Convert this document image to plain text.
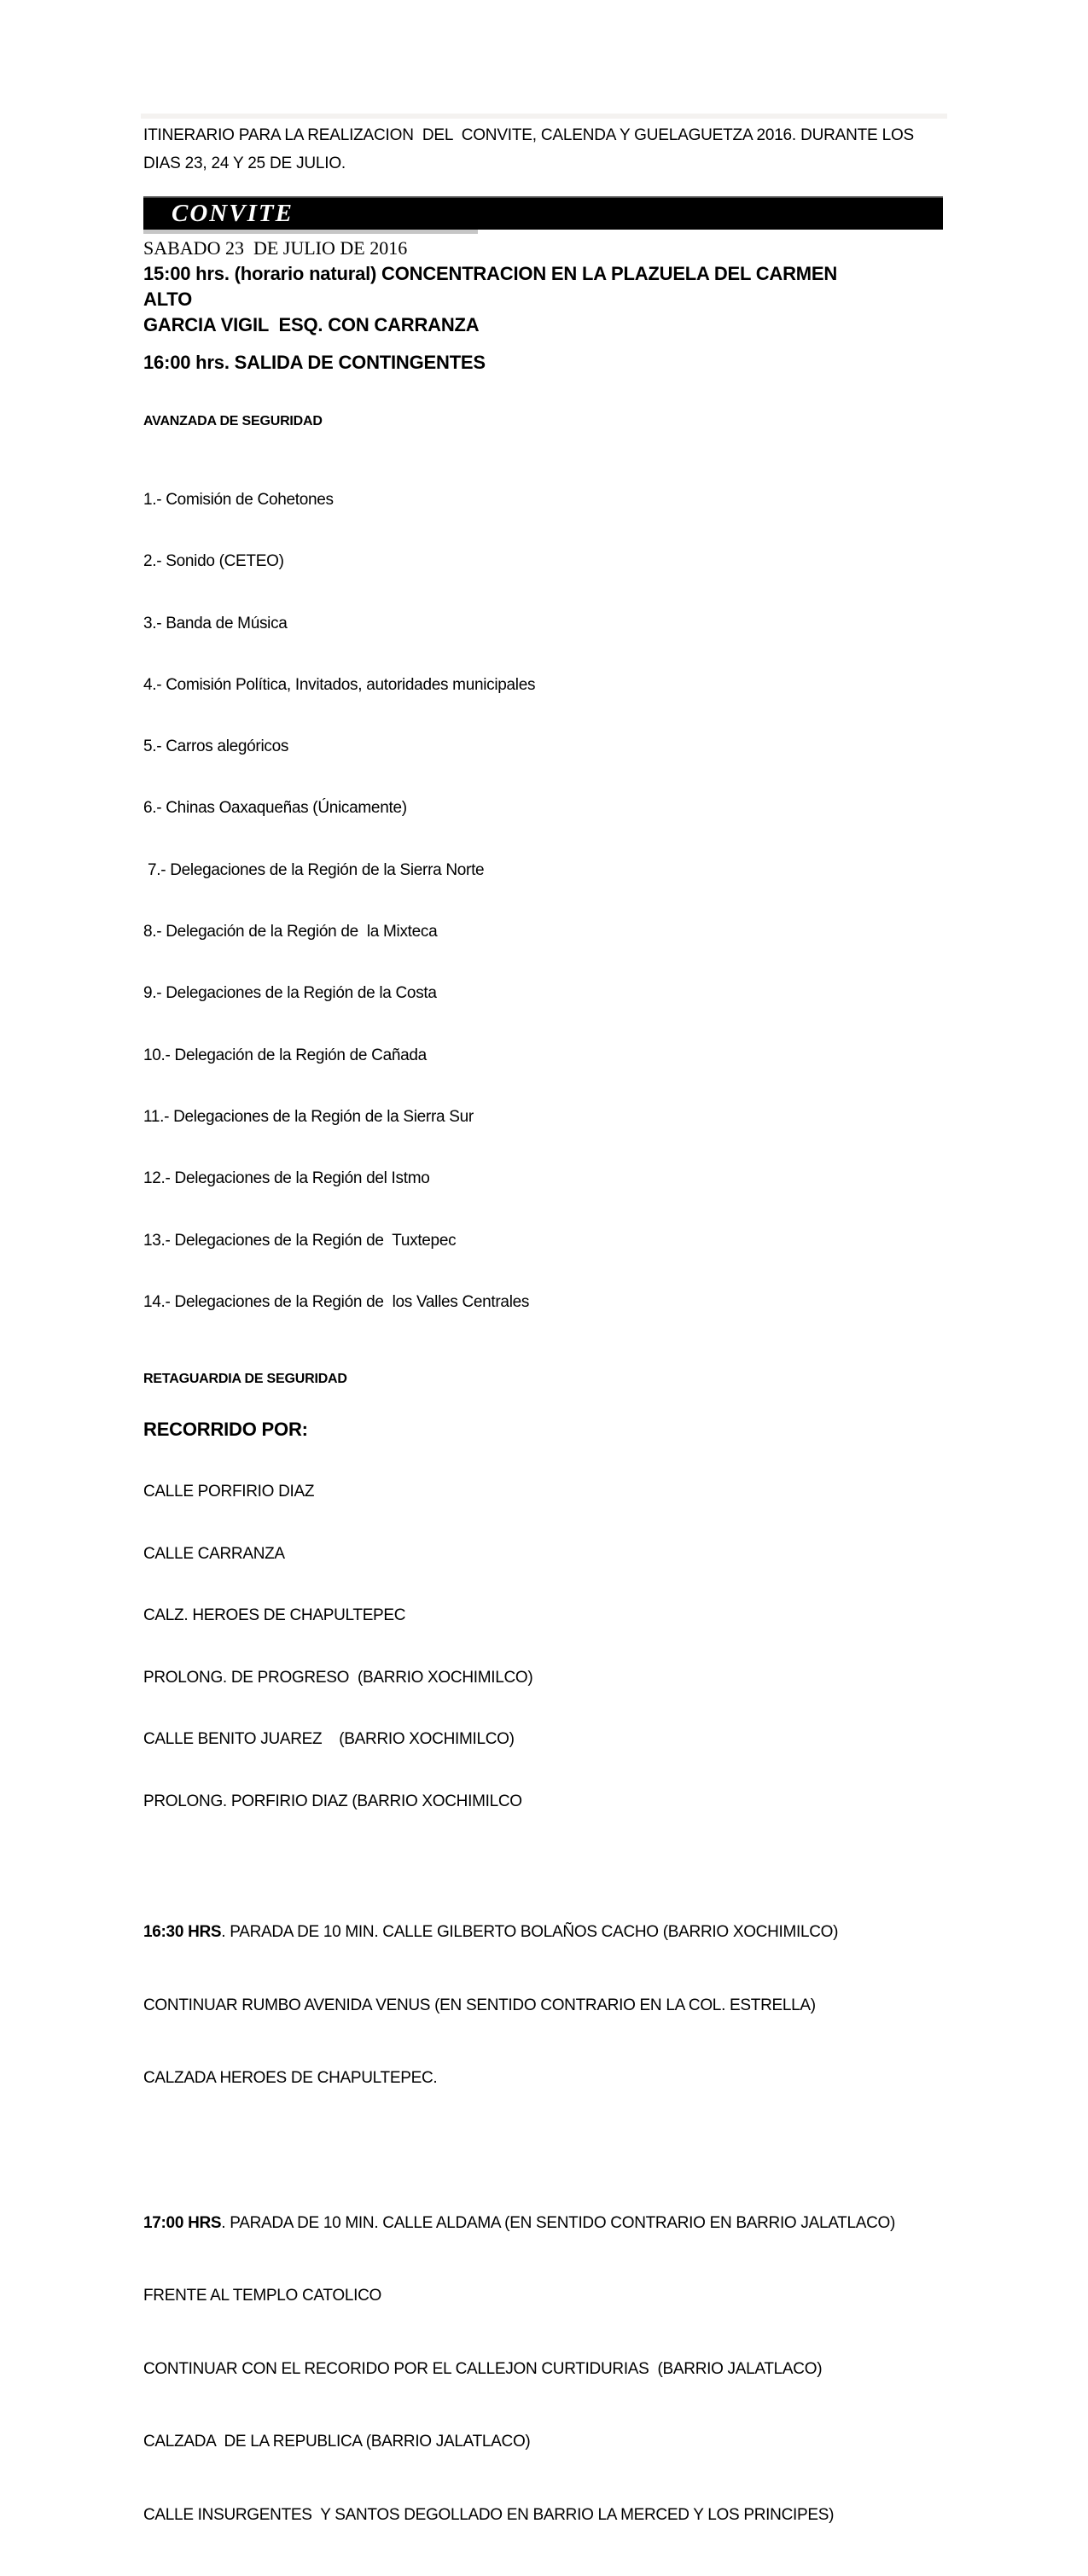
ITINERARIO PARA LA REALIZACION  DEL  CONVITE, CALENDA Y GUELAGUETZA 2016. DURANTE LOS DIAS 23, 24 Y 25 DE JULIO.

CONVITE

SABADO 23  DE JULIO DE 2016

15:00 hrs. (horario natural) CONCENTRACION EN LA PLAZUELA DEL CARMEN ALTO

GARCIA VIGIL  ESQ. CON CARRANZA

16:00 hrs. SALIDA DE CONTINGENTES

AVANZADA DE SEGURIDAD

1.- Comisión de Cohetones

2.- Sonido (CETEO)

3.- Banda de Música

4.- Comisión Política, Invitados, autoridades municipales

5.- Carros alegóricos

6.- Chinas Oaxaqueñas (Únicamente)

7.- Delegaciones de la Región de la Sierra Norte

8.- Delegación de la Región de  la Mixteca

9.- Delegaciones de la Región de la Costa

10.- Delegación de la Región de Cañada

11.- Delegaciones de la Región de la Sierra Sur

12.- Delegaciones de la Región del Istmo

13.- Delegaciones de la Región de  Tuxtepec

14.- Delegaciones de la Región de  los Valles Centrales

RETAGUARDIA DE SEGURIDAD

RECORRIDO POR:

CALLE PORFIRIO DIAZ

CALLE CARRANZA

CALZ. HEROES DE CHAPULTEPEC

PROLONG. DE PROGRESO  (BARRIO XOCHIMILCO)

CALLE BENITO JUAREZ    (BARRIO XOCHIMILCO)

PROLONG. PORFIRIO DIAZ (BARRIO XOCHIMILCO

16:30 HRS. PARADA DE 10 MIN. CALLE GILBERTO BOLAÑOS CACHO (BARRIO XOCHIMILCO)

CONTINUAR RUMBO AVENIDA VENUS (EN SENTIDO CONTRARIO EN LA COL. ESTRELLA)

CALZADA HEROES DE CHAPULTEPEC.

17:00 HRS. PARADA DE 10 MIN. CALLE ALDAMA (EN SENTIDO CONTRARIO EN BARRIO JALATLACO)

FRENTE AL TEMPLO CATOLICO

CONTINUAR CON EL RECORIDO POR EL CALLEJON CURTIDURIAS  (BARRIO JALATLACO)

CALZADA  DE LA REPUBLICA (BARRIO JALATLACO)

CALLE INSURGENTES  Y SANTOS DEGOLLADO EN BARRIO LA MERCED Y LOS PRINCIPES)
